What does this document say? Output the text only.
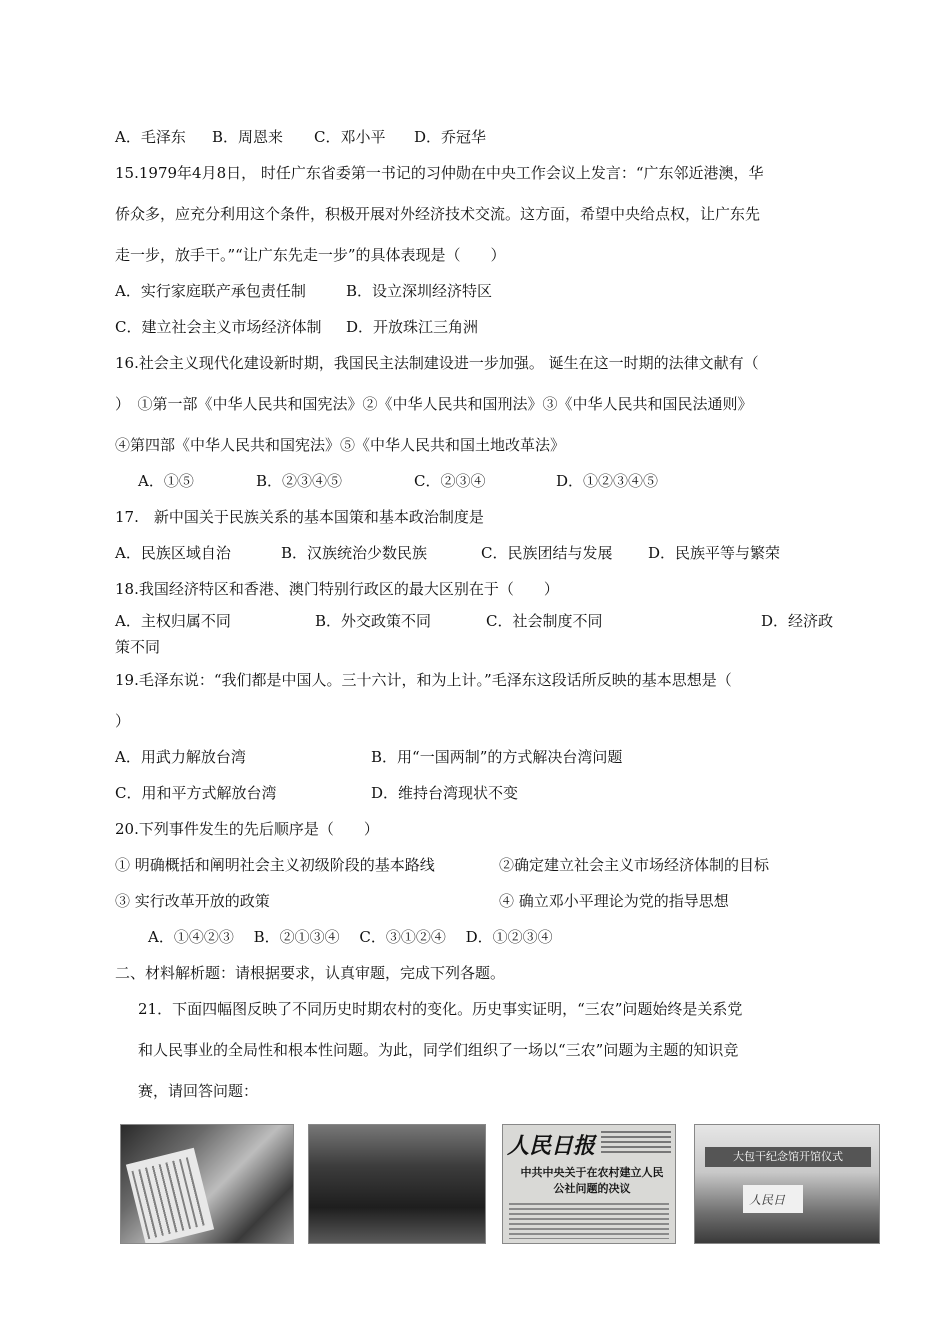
A．毛泽东 B．周恩来 C．邓小平 D．乔冠华
15.1979年4月8日， 时任广东省委第一书记的习仲勋在中央工作会议上发言：“广东邻近港澳，华
侨众多，应充分利用这个条件，积极开展对外经济技术交流。这方面，希望中央给点权，让广东先
走一步，放手干。”“让广东先走一步”的具体表现是（　　）
A．实行家庭联产承包责任制	B．设立深圳经济特区
C．建立社会主义市场经济体制 D．开放珠江三角洲
16.社会主义现代化建设新时期，我国民主法制建设进一步加强。 诞生在这一时期的法律文献有（
）　①第一部《中华人民共和国宪法》②《中华人民共和国刑法》③《中华人民共和国民法通则》
④第四部《中华人民共和国宪法》⑤《中华人民共和国土地改革法》
A．①⑤	B．②③④⑤	C．②③④	D．①②③④⑤
17.　新中国关于民族关系的基本国策和基本政治制度是
A．民族区域自治	B．汉族统治少数民族	C．民族团结与发展 D．民族平等与繁荣
18.我国经济特区和香港、澳门特别行政区的最大区别在于（　　）
A．主权归属不同	B．外交政策不同	C．社会制度不同	D．经济政
策不同
19.毛泽东说：“我们都是中国人。三十六计，和为上计。”毛泽东这段话所反映的基本思想是（
）
A．用武力解放台湾	B．用“一国两制”的方式解决台湾问题
C．用和平方式解放台湾	D．维持台湾现状不变
20.下列事件发生的先后顺序是（　　）
① 明确概括和阐明社会主义初级阶段的基本路线	②确定建立社会主义市场经济体制的目标
③ 实行改革开放的政策	④ 确立邓小平理论为党的指导思想
A．①④②③　 B．②①③④　 C．③①②④　 D．①②③④
二、材料解析题：请根据要求，认真审题，完成下列各题。
21．下面四幅图反映了不同历史时期农村的变化。历史事实证明，“三农”问题始终是关系党
和人民事业的全局性和根本性问题。为此，同学们组织了一场以“三农”问题为主题的知识竞
赛，请回答问题：
人民日报
中共中央关于在农村建立人民公社问题的决议
大包干纪念馆开馆仪式
人民日
